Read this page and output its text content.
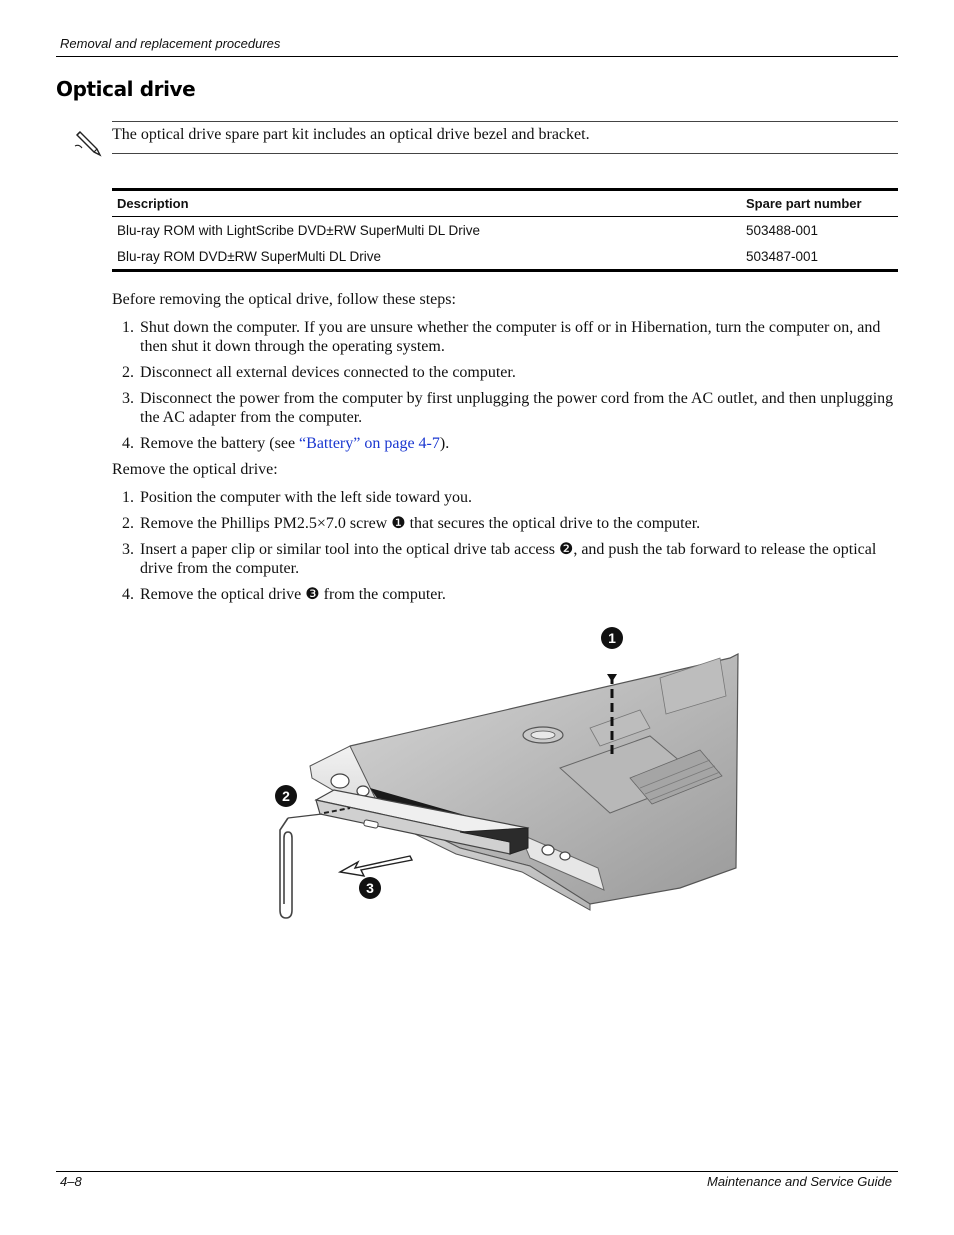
Removal and replacement procedures
Optical drive
The optical drive spare part kit includes an optical drive bezel and bracket.
Description	Spare part number
Blu-ray ROM with LightScribe DVD±RW SuperMulti DL Drive	503488-001
Blu-ray ROM DVD±RW SuperMulti DL Drive	503487-001
Before removing the optical drive, follow these steps:
1. Shut down the computer. If you are unsure whether the computer is off or in Hibernation, turn the computer on, and then shut it down through the operating system.
2. Disconnect all external devices connected to the computer.
3. Disconnect the power from the computer by first unplugging the power cord from the AC outlet, and then unplugging the AC adapter from the computer.
4. Remove the battery (see “Battery” on page 4-7).
Remove the optical drive:
1. Position the computer with the left side toward you.
2. Remove the Phillips PM2.5×7.0 screw ❶ that secures the optical drive to the computer.
3. Insert a paper clip or similar tool into the optical drive tab access ❷, and push the tab forward to release the optical drive from the computer.
4. Remove the optical drive ❸ from the computer.
1
2
3
4–8	Maintenance and Service Guide
